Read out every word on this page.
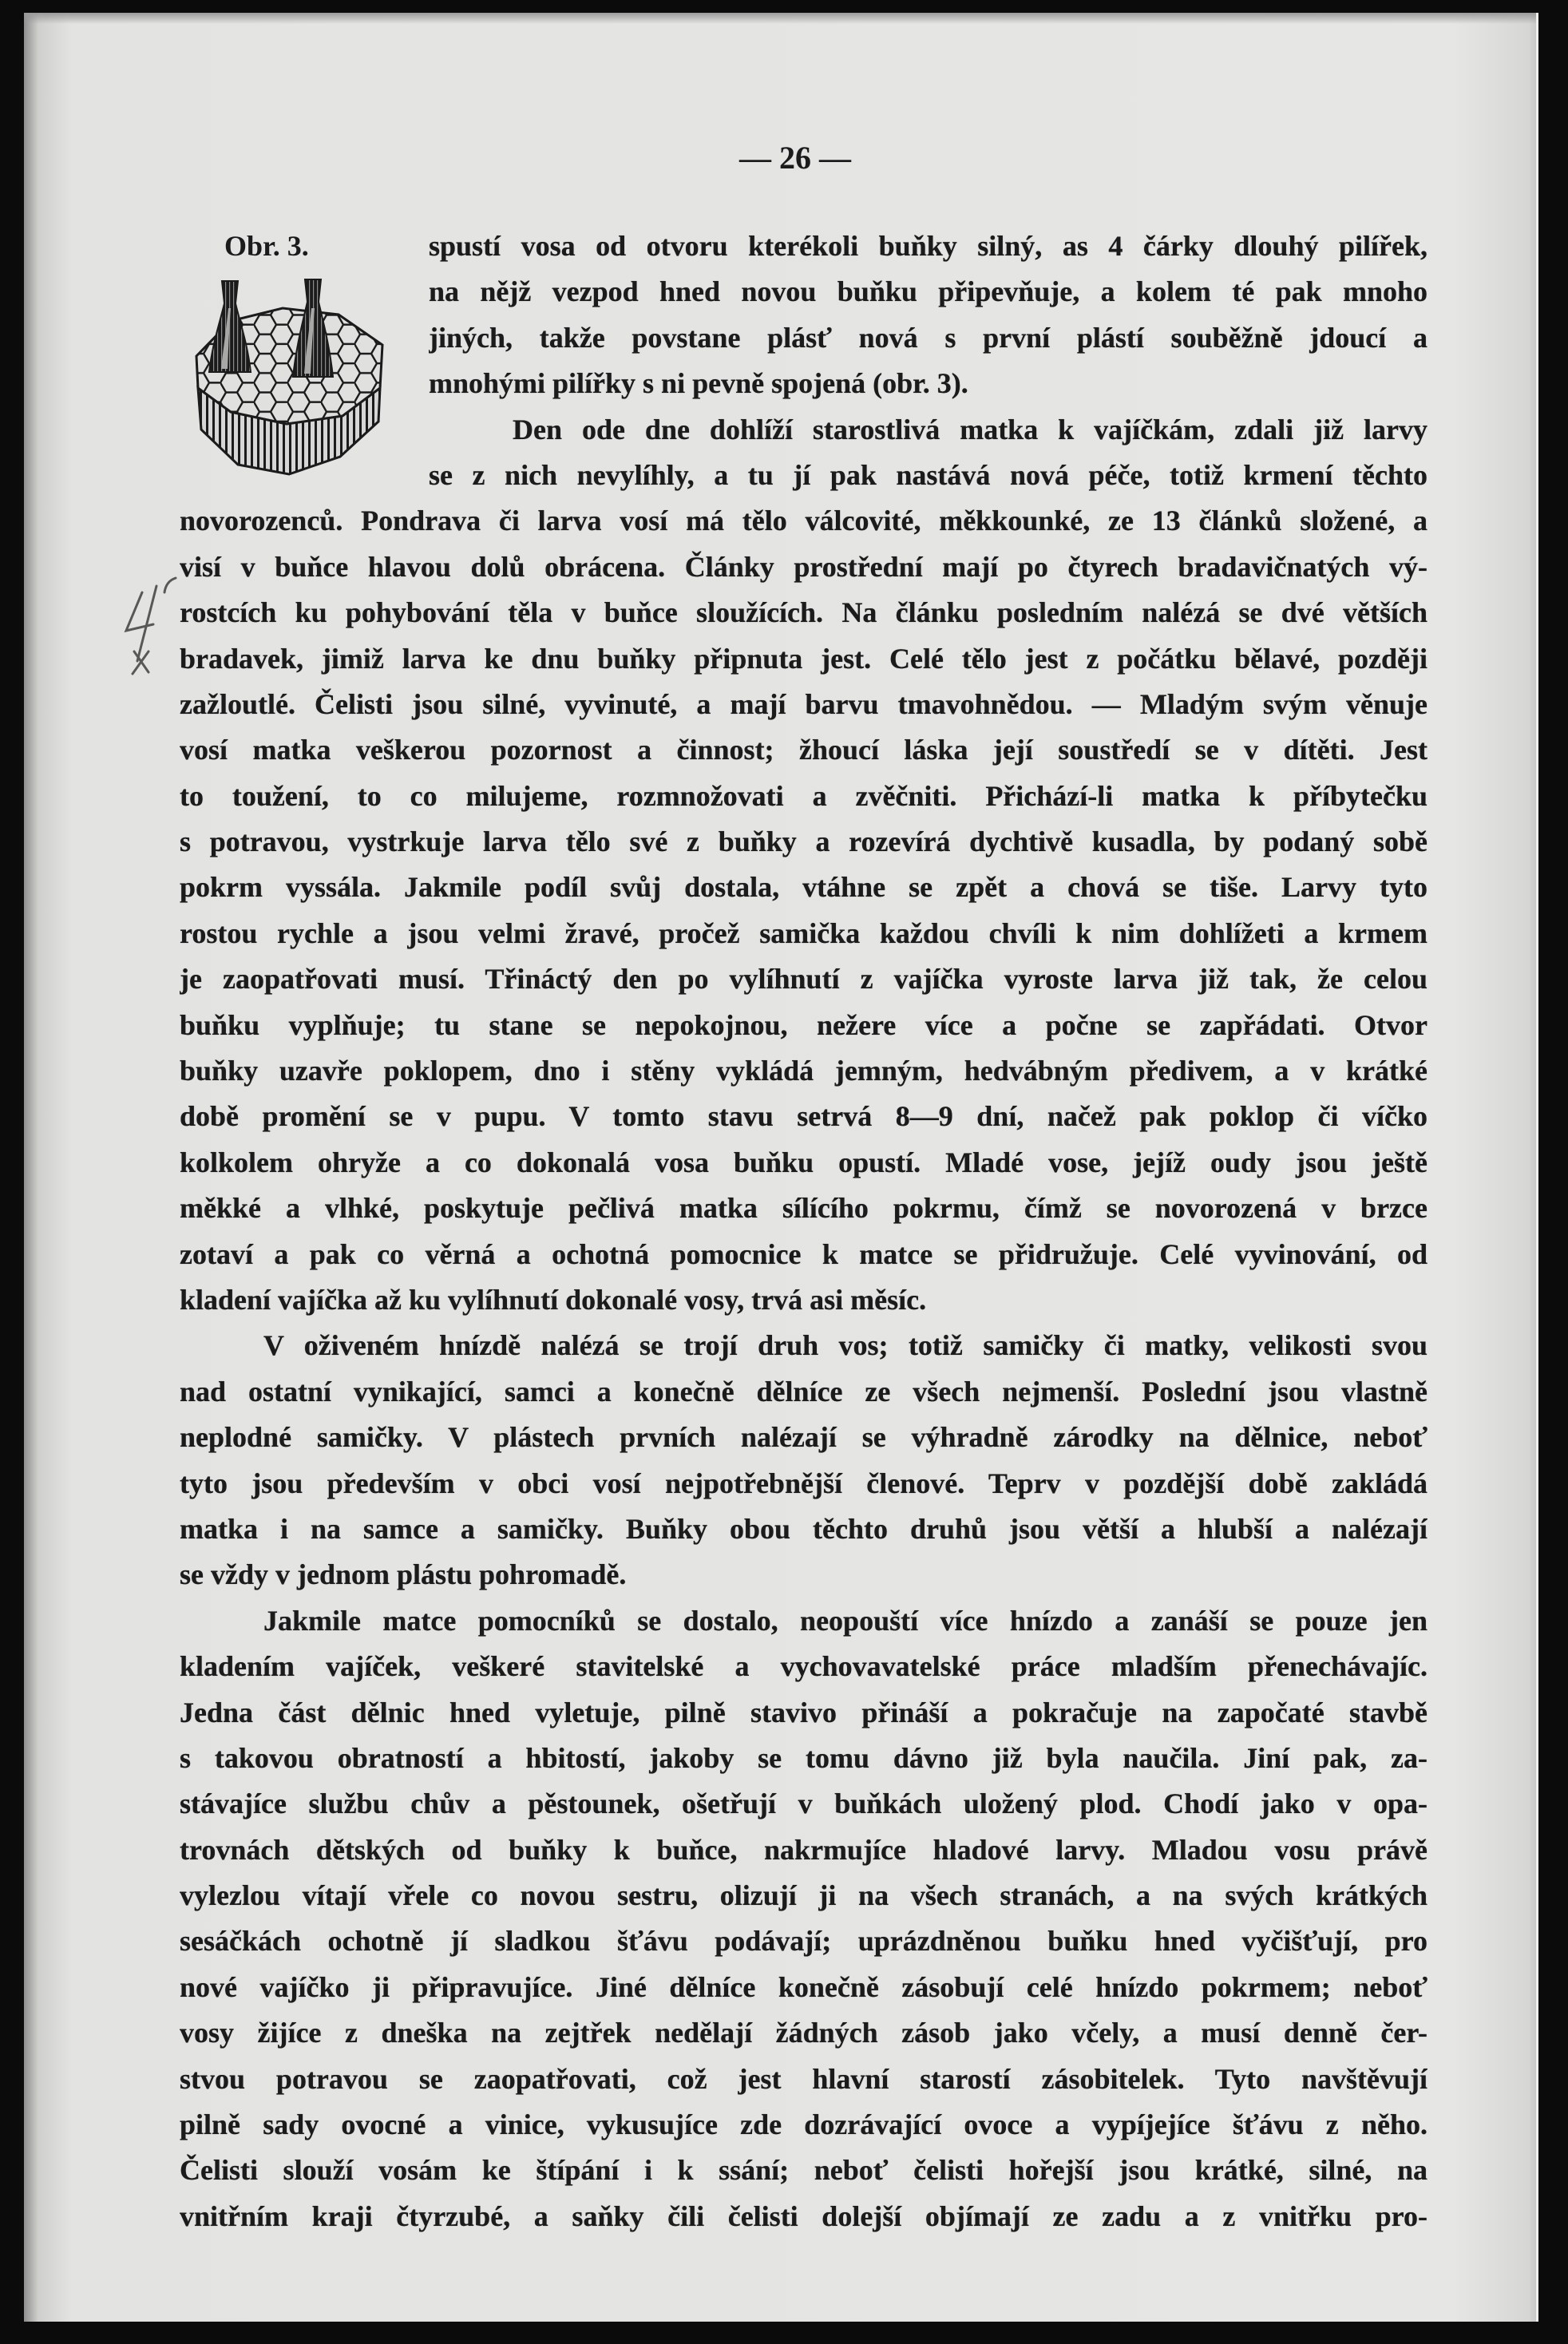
— 26 —
Obr. 3.	spustí vosa od otvoru kterékoli buňky silný, as 4 čárky dlouhý pilířek,
na nějž vezpod hned novou buňku připevňuje, a kolem té pak mnoho
jiných, takže povstane plásť nová s první plástí souběžně jdoucí a
mnohými pilířky s ni pevně spojená (obr. 3).
Den ode dne dohlíží starostlivá matka k vajíčkám, zdali již larvy
se z nich nevylíhly, a tu jí pak nastává nová péče, totiž krmení těchto
novorozenců. Pondrava či larva vosí má tělo válcovité, měkkounké, ze 13 článků složené, a
visí v buňce hlavou dolů obrácena. Články prostřední mají po čtyrech bradavičnatých vý-
rostcích ku pohybování těla v buňce sloužících. Na článku posledním nalézá se dvé větších
bradavek, jimiž larva ke dnu buňky připnuta jest. Celé tělo jest z počátku bělavé, později
zažloutlé. Čelisti jsou silné, vyvinuté, a mají barvu tmavohnědou. — Mladým svým věnuje
vosí matka veškerou pozornost a činnost; žhoucí láska její soustředí se v dítěti. Jest
to toužení, to co milujeme, rozmnožovati a zvěčniti. Přichází-li matka k příbytečku
s potravou, vystrkuje larva tělo své z buňky a rozevírá dychtivě kusadla, by podaný sobě
pokrm vyssála. Jakmile podíl svůj dostala, vtáhne se zpět a chová se tiše. Larvy tyto
rostou rychle a jsou velmi žravé, pročež samička každou chvíli k nim dohlížeti a krmem
je zaopatřovati musí. Třináctý den po vylíhnutí z vajíčka vyroste larva již tak, že celou
buňku vyplňuje; tu stane se nepokojnou, nežere více a počne se zapřádati. Otvor
buňky uzavře poklopem, dno i stěny vykládá jemným, hedvábným předivem, a v krátké
době promění se v pupu. V tomto stavu setrvá 8—9 dní, načež pak poklop či víčko
kolkolem ohryže a co dokonalá vosa buňku opustí. Mladé vose, jejíž oudy jsou ještě
měkké a vlhké, poskytuje pečlivá matka sílícího pokrmu, čímž se novorozená v brzce
zotaví a pak co věrná a ochotná pomocnice k matce se přidružuje. Celé vyvinování, od
kladení vajíčka až ku vylíhnutí dokonalé vosy, trvá asi měsíc.
V oživeném hnízdě nalézá se trojí druh vos; totiž samičky či matky, velikosti svou
nad ostatní vynikající, samci a konečně dělníce ze všech nejmenší. Poslední jsou vlastně
neplodné samičky. V plástech prvních nalézají se výhradně zárodky na dělnice, neboť
tyto jsou především v obci vosí nejpotřebnější členové. Teprv v pozdější době zakládá
matka i na samce a samičky. Buňky obou těchto druhů jsou větší a hlubší a nalézají
se vždy v jednom plástu pohromadě.
Jakmile matce pomocníků se dostalo, neopouští více hnízdo a zanáší se pouze jen
kladením vajíček, veškeré stavitelské a vychovavatelské práce mladším přenechávajíc.
Jedna část dělnic hned vyletuje, pilně stavivo přináší a pokračuje na započaté stavbě
s takovou obratností a hbitostí, jakoby se tomu dávno již byla naučila. Jiní pak, za-
stávajíce službu chův a pěstounek, ošetřují v buňkách uložený plod. Chodí jako v opa-
trovnách dětských od buňky k buňce, nakrmujíce hladové larvy. Mladou vosu právě
vylezlou vítají vřele co novou sestru, olizují ji na všech stranách, a na svých krátkých
sesáčkách ochotně jí sladkou šťávu podávají; uprázdněnou buňku hned vyčišťují, pro
nové vajíčko ji připravujíce. Jiné dělníce konečně zásobují celé hnízdo pokrmem; neboť
vosy žijíce z dneška na zejtřek nedělají žádných zásob jako včely, a musí denně čer-
stvou potravou se zaopatřovati, což jest hlavní starostí zásobitelek. Tyto navštěvují
pilně sady ovocné a vinice, vykusujíce zde dozrávající ovoce a vypíjejíce šťávu z něho.
Čelisti slouží vosám ke štípání i k ssání; neboť čelisti hořejší jsou krátké, silné, na
vnitřním kraji čtyrzubé, a saňky čili čelisti dolejší objímají ze zadu a z vnitřku pro-
